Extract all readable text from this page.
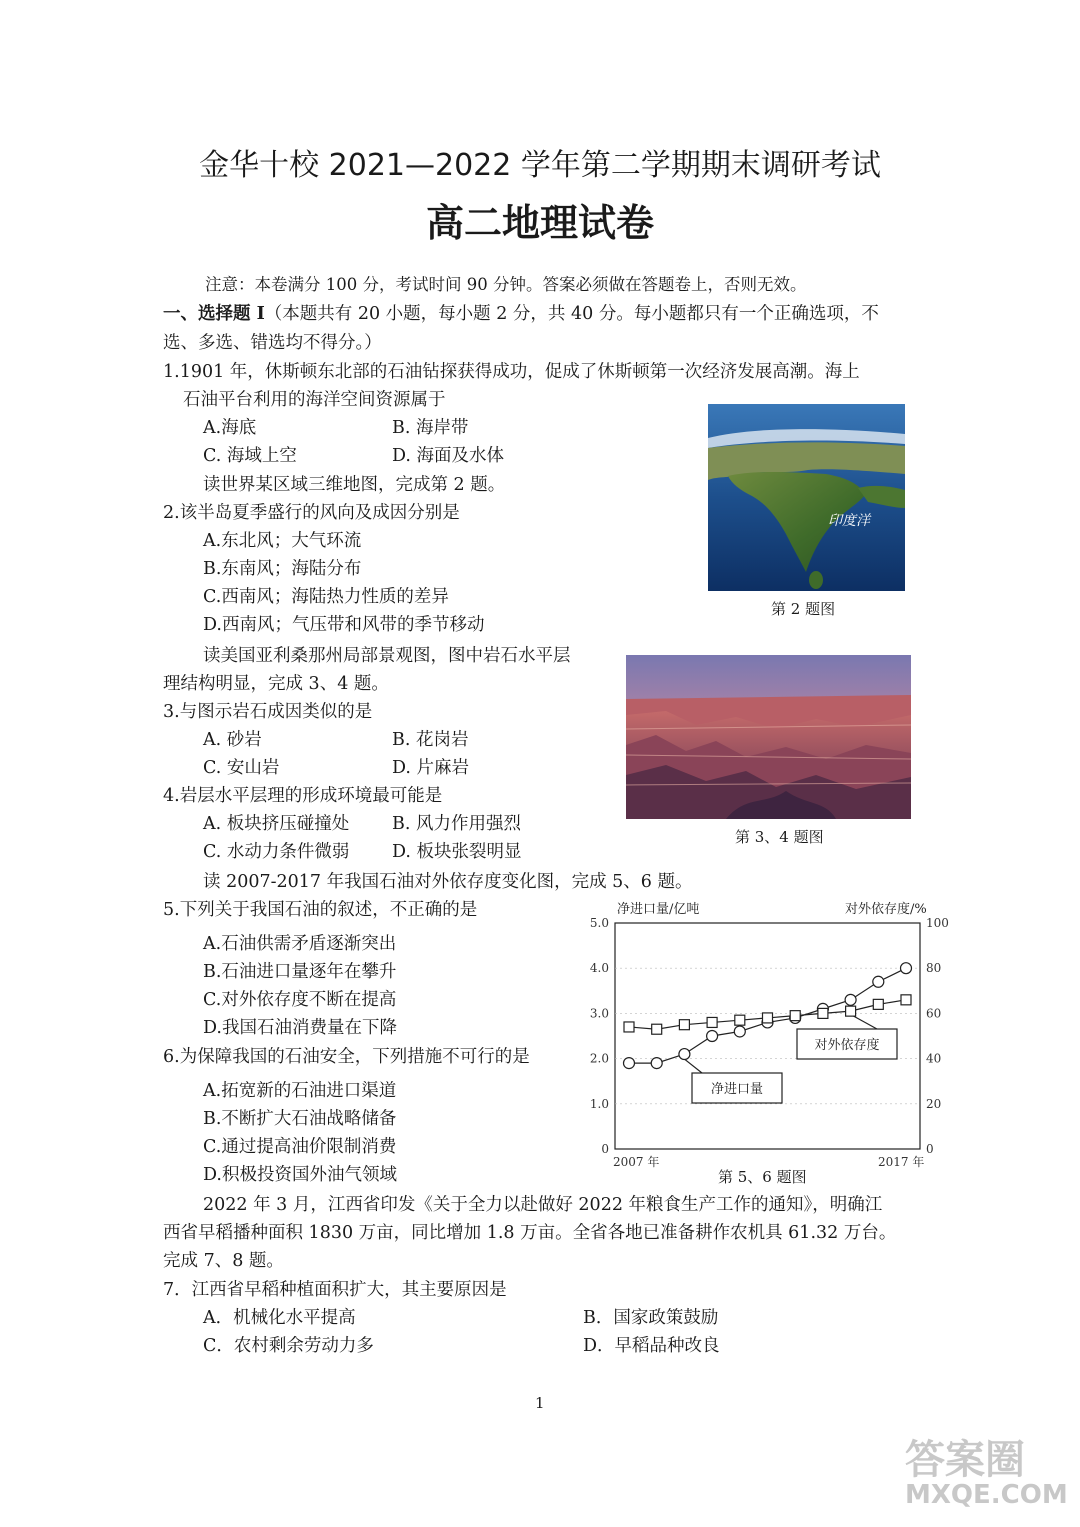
金华十校 2021—2022 学年第二学期期末调研考试
高二地理试卷
注意：本卷满分 100 分，考试时间 90 分钟。答案必须做在答题卷上，否则无效。
一、选择题 I（本题共有 20 小题，每小题 2 分，共 40 分。每小题都只有一个正确选项，不
选、多选、错选均不得分。）
1.1901 年，休斯顿东北部的石油钻探获得成功，促成了休斯顿第一次经济发展高潮。海上
石油平台利用的海洋空间资源属于
A.海底	B. 海岸带
C. 海域上空	D. 海面及水体
读世界某区域三维地图，完成第 2 题。
2.该半岛夏季盛行的风向及成因分别是
A.东北风；大气环流
B.东南风；海陆分布
C.西南风；海陆热力性质的差异
D.西南风；气压带和风带的季节移动
印度洋
第 2 题图
读美国亚利桑那州局部景观图，图中岩石水平层
理结构明显，完成 3、4 题。
3.与图示岩石成因类似的是
A. 砂岩	B. 花岗岩
C. 安山岩	D. 片麻岩
4.岩层水平层理的形成环境最可能是
A. 板块挤压碰撞处 B. 风力作用强烈
C. 水动力条件微弱 D. 板块张裂明显
第 3、4 题图
读 2007-2017 年我国石油对外依存度变化图，完成 5、6 题。
5.下列关于我国石油的叙述，不正确的是
A.石油供需矛盾逐渐突出
B.石油进口量逐年在攀升
C.对外依存度不断在提高
D.我国石油消费量在下降
6.为保障我国的石油安全，下列措施不可行的是
A.拓宽新的石油进口渠道
B.不断扩大石油战略储备
C.通过提高油价限制消费
D.积极投资国外油气领域
净进口量/亿吨	对外依存度/%
0
1.0
2.0
3.0
4.0
5.0
0
20
40
60
80
100
2007 年	2017 年
净进口量
对外依存度
第 5、6 题图
2022 年 3 月，江西省印发《关于全力以赴做好 2022 年粮食生产工作的通知》，明确江
西省早稻播种面积 1830 万亩，同比增加 1.8 万亩。全省各地已准备耕作农机具 61.32 万台。
完成 7、8 题。
7．江西省早稻种植面积扩大，其主要原因是
A．机械化水平提高	B．国家政策鼓励
C．农村剩余劳动力多	D．早稻品种改良
1
答案圈
MXQE.COM
